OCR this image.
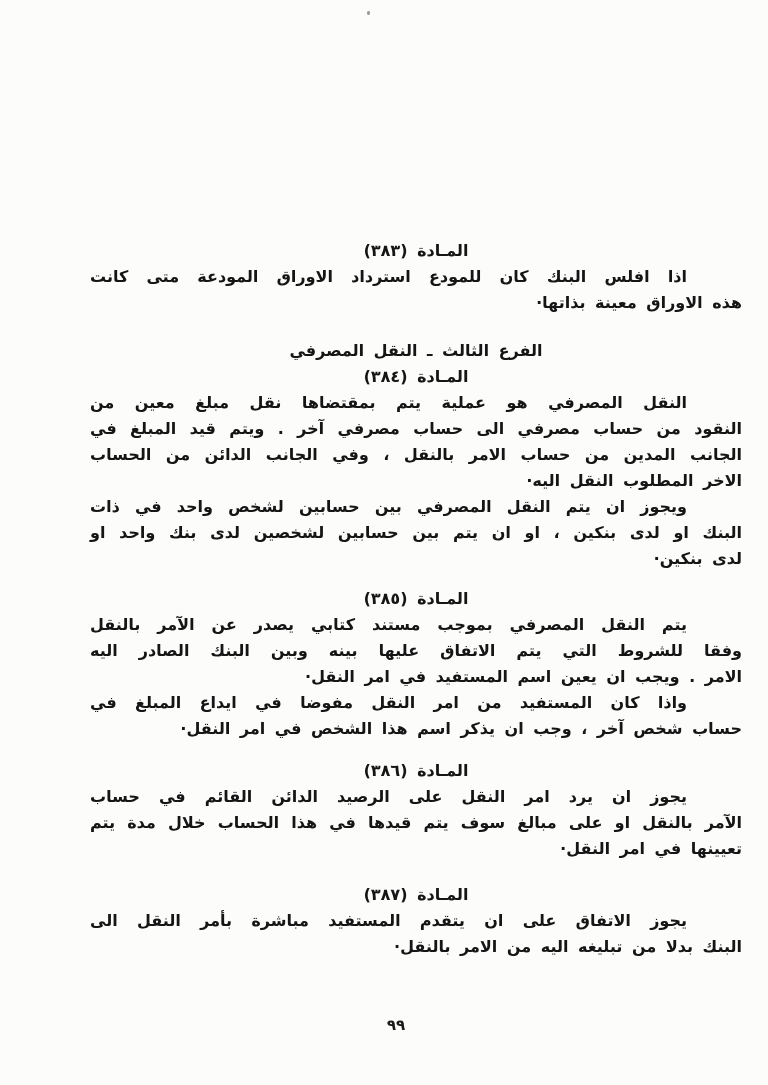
المـادة (٣٨٣)

اذا افلس البنك كان للمودع استرداد الاوراق المودعة متى كانت
هذه الاوراق معينة بذاتها·

الفرع الثالث ـ النقل المصرفي
المـادة (٣٨٤)

النقل المصرفي هو عملية يتم بمقتضاها نقل مبلغ معين من
النقود من حساب مصرفي الى حساب مصرفي آخر . ويتم قيد المبلغ في
الجانب المدين من حساب الامر بالنقل ، وفي الجانب الدائن من الحساب
الاخر المطلوب النقل اليه·

ويجوز ان يتم النقل المصرفي بين حسابين لشخص واحد في ذات
البنك او لدى بنكين ، او ان يتم بين حسابين لشخصين لدى بنك واحد او
لدى بنكين·

المـادة (٣٨٥)

يتم النقل المصرفي بموجب مستند كتابي يصدر عن الآمر بالنقل
وفقا للشروط التي يتم الاتفاق عليها بينه وبين البنك الصادر اليه
الامر . ويجب ان يعين اسم المستفيد في امر النقل·

واذا كان المستفيد من امر النقل مفوضا في ايداع المبلغ في
حساب شخص آخر ، وجب ان يذكر اسم هذا الشخص في امر النقل·

المـادة (٣٨٦)

يجوز ان يرد امر النقل على الرصيد الدائن القائم في حساب
الآمر بالنقل او على مبالغ سوف يتم قيدها في هذا الحساب خلال مدة يتم
تعيينها في امر النقل·

المـادة (٣٨٧)

يجوز الاتفاق على ان يتقدم المستفيد مباشرة بأمر النقل الى
البنك بدلا من تبليغه اليه من الامر بالنقل·

٩٩
